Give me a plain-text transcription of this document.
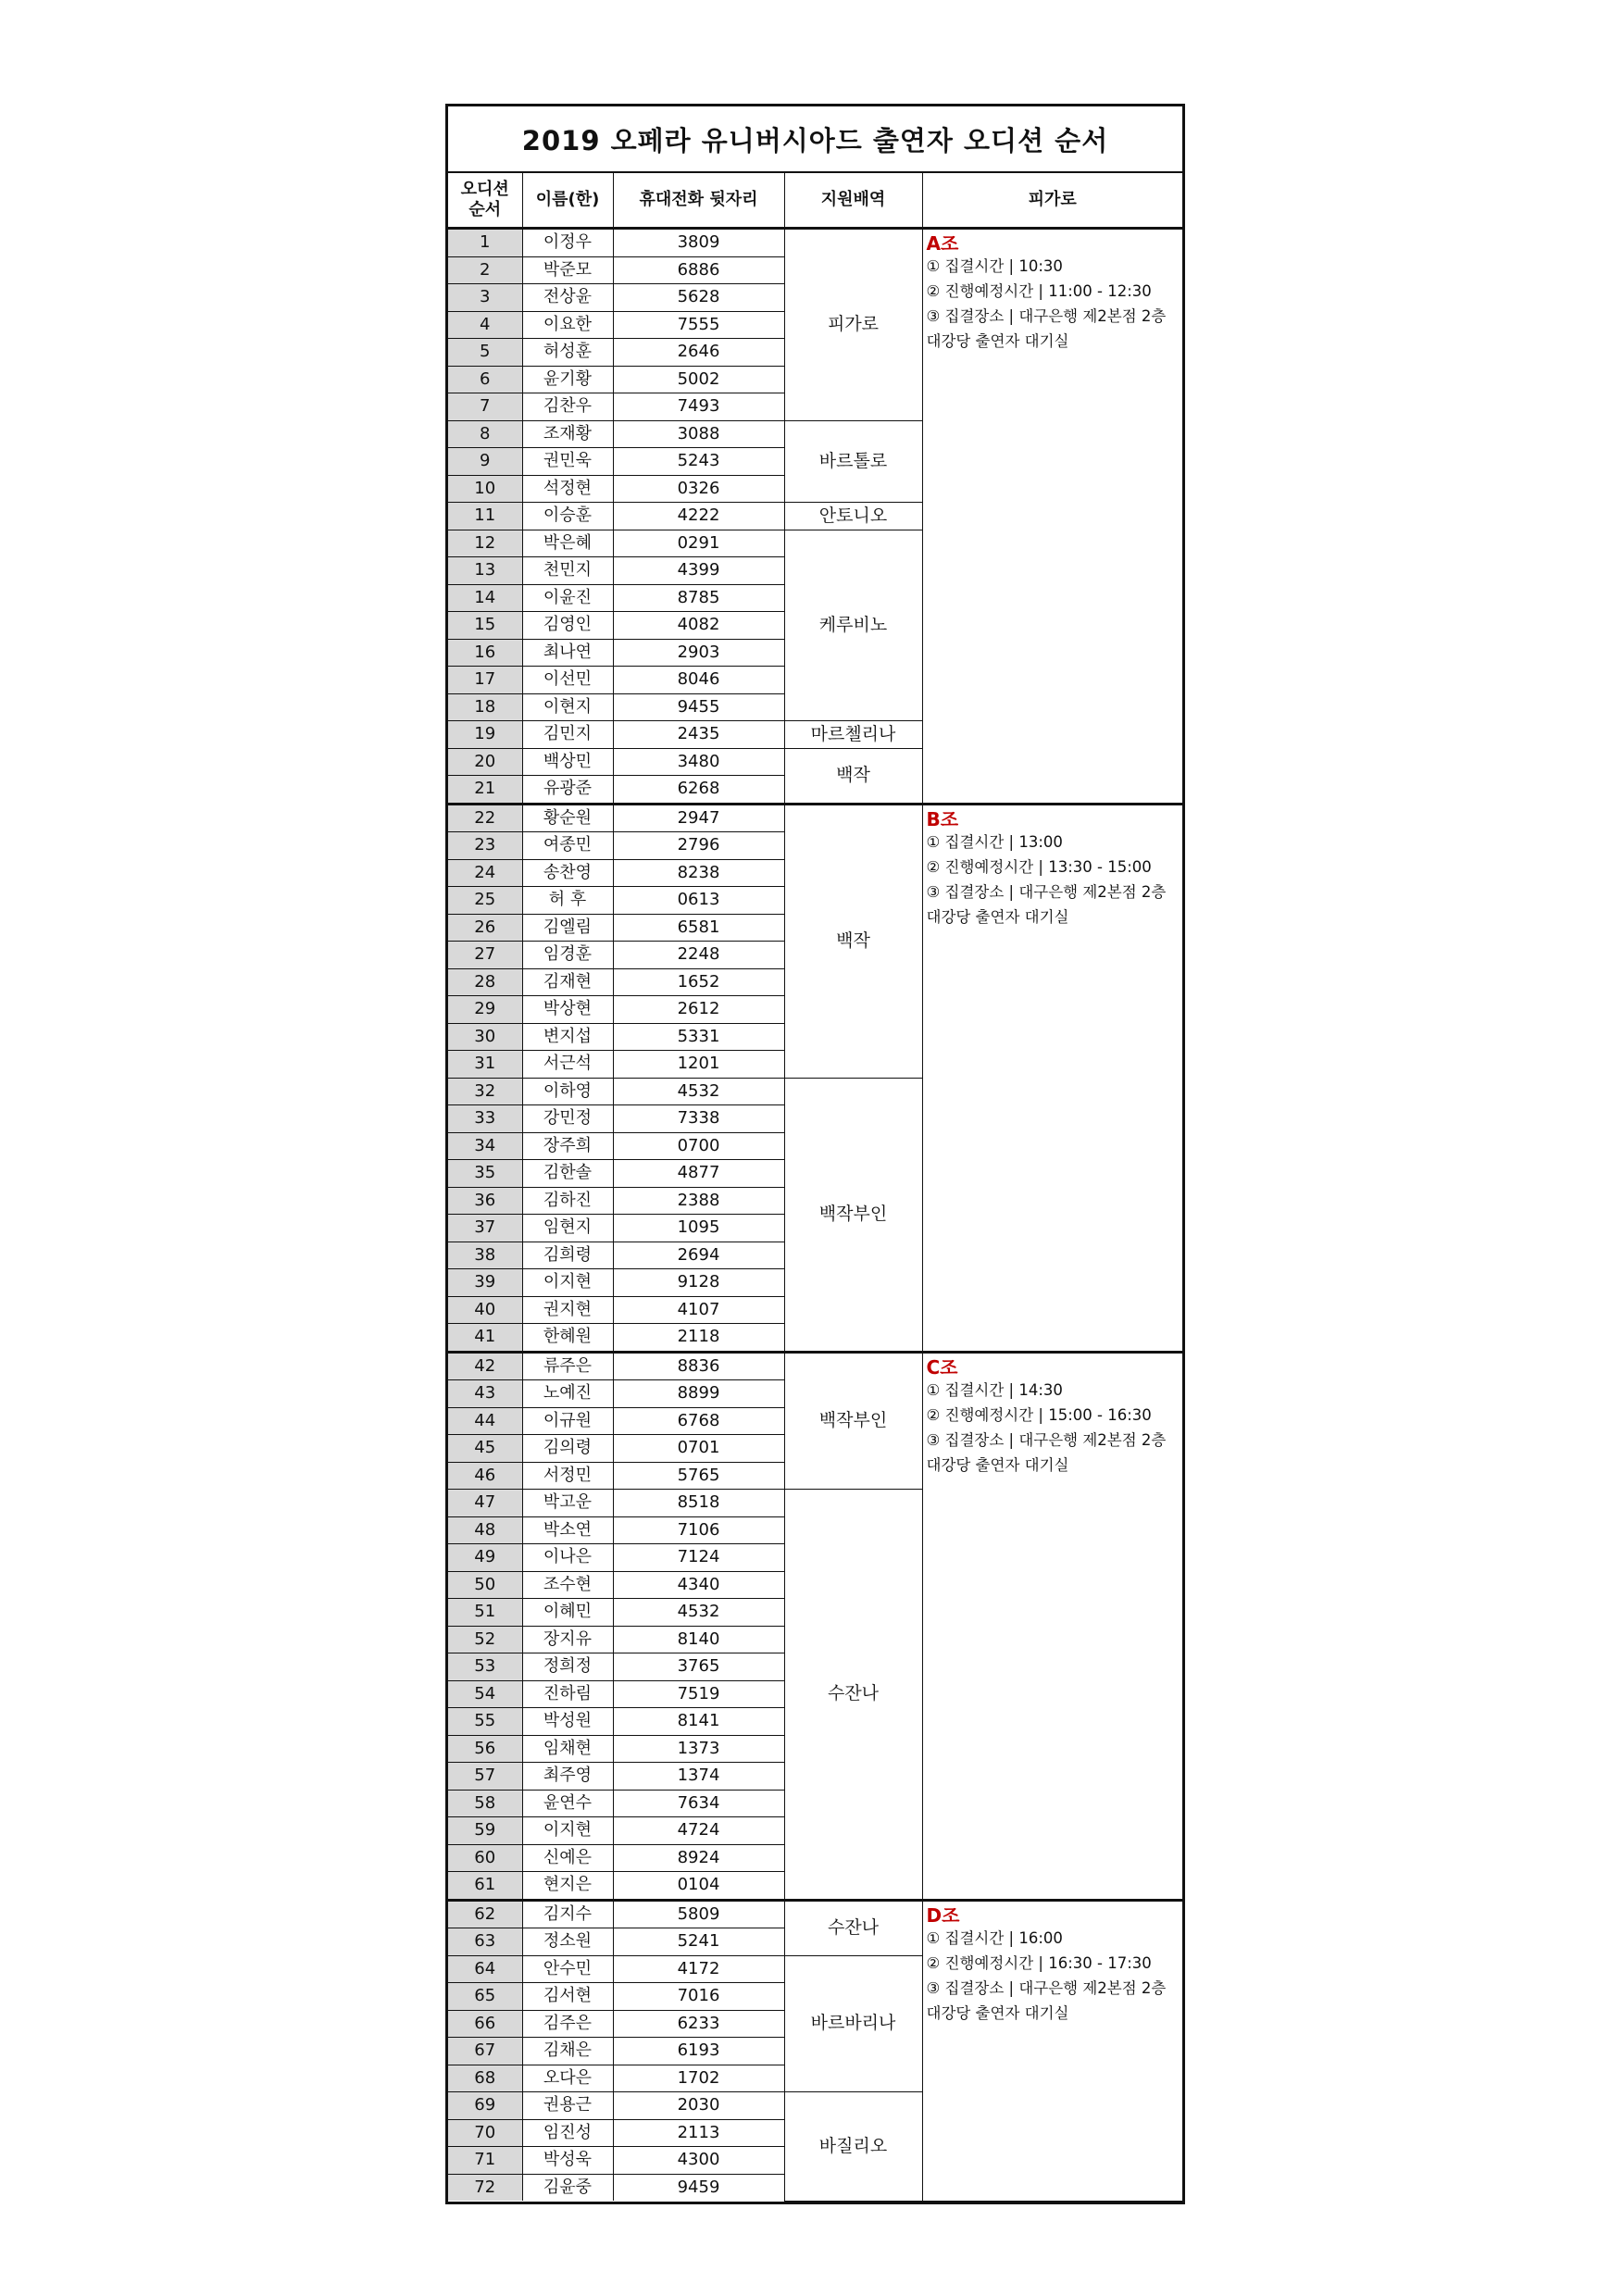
2019 오페라 유니버시아드 출연자 오디션 순서
오디션
순서	이름(한)	휴대전화 뒷자리	지원배역	피가로
1	이정우	3809	피가로	A조
① 집결시간 | 10:30
② 진행예정시간 | 11:00 - 12:30
③ 집결장소 | 대구은행 제2본점 2층 대강당 출연자 대기실

2	박준모	6886		
3	전상윤	5628		
4	이요한	7555		
5	허성훈	2646		
6	윤기황	5002		
7	김찬우	7493		
8	조재황	3088	바르톨로	
9	권민욱	5243		
10	석정현	0326		
11	이승훈	4222	안토니오	
12	박은혜	0291	케루비노	
13	천민지	4399		
14	이윤진	8785		
15	김영인	4082		
16	최나연	2903		
17	이선민	8046		
18	이현지	9455		
19	김민지	2435	마르첼리나	
20	백상민	3480	백작	
21	유광준	6268		
22	황순원	2947	백작	B조
① 집결시간 | 13:00
② 진행예정시간 | 13:30 - 15:00
③ 집결장소 | 대구은행 제2본점 2층 대강당 출연자 대기실

23	여종민	2796		
24	송찬영	8238		
25	허 후	0613		
26	김엘림	6581		
27	임경훈	2248		
28	김재현	1652		
29	박상현	2612		
30	변지섭	5331		
31	서근석	1201		
32	이하영	4532	백작부인	
33	강민정	7338		
34	장주희	0700		
35	김한솔	4877		
36	김하진	2388		
37	임현지	1095		
38	김희령	2694		
39	이지현	9128		
40	권지현	4107		
41	한혜원	2118		
42	류주은	8836	백작부인	C조
① 집결시간 | 14:30
② 진행예정시간 | 15:00 - 16:30
③ 집결장소 | 대구은행 제2본점 2층 대강당 출연자 대기실

43	노예진	8899		
44	이규원	6768		
45	김의령	0701		
46	서정민	5765		
47	박고운	8518	수잔나	
48	박소연	7106		
49	이나은	7124		
50	조수현	4340		
51	이혜민	4532		
52	장지유	8140		
53	정희정	3765		
54	진하림	7519		
55	박성원	8141		
56	임채현	1373		
57	최주영	1374		
58	윤연수	7634		
59	이지현	4724		
60	신예은	8924		
61	현지은	0104		
62	김지수	5809	수잔나	D조
① 집결시간 | 16:00
② 진행예정시간 | 16:30 - 17:30
③ 집결장소 | 대구은행 제2본점 2층 대강당 출연자 대기실

63	정소원	5241		
64	안수민	4172	바르바리나	
65	김서현	7016		
66	김주은	6233		
67	김채은	6193		
68	오다은	1702		
69	권용근	2030	바질리오	
70	임진성	2113		
71	박성욱	4300		
72	김윤중	9459		
